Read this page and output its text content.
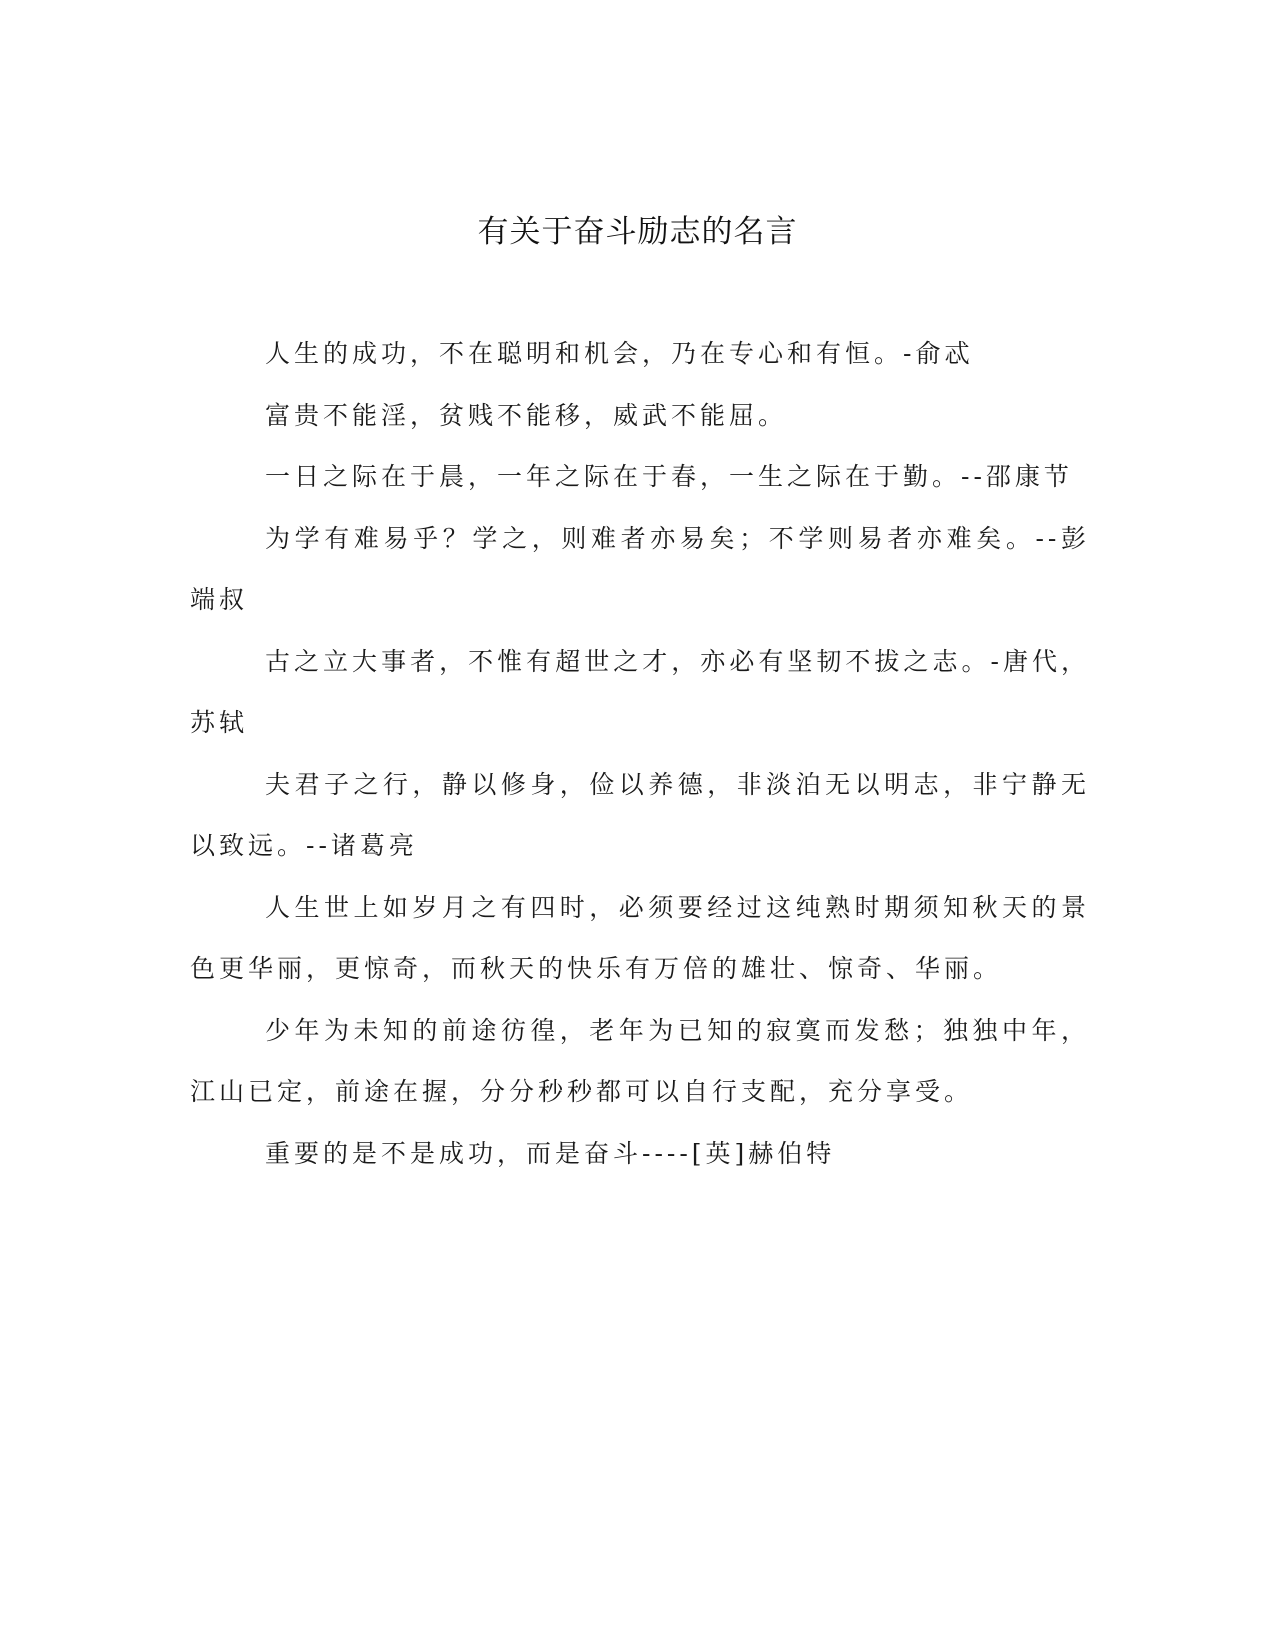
有关于奋斗励志的名言

人生的成功，不在聪明和机会，乃在专心和有恒。-俞忒

富贵不能淫，贫贱不能移，威武不能屈。

一日之际在于晨，一年之际在于春，一生之际在于勤。--邵康节

为学有难易乎？学之，则难者亦易矣；不学则易者亦难矣。--彭端叔

古之立大事者，不惟有超世之才，亦必有坚韧不拔之志。-唐代，苏轼

夫君子之行，静以修身，俭以养德，非淡泊无以明志，非宁静无以致远。--诸葛亮

人生世上如岁月之有四时，必须要经过这纯熟时期须知秋天的景色更华丽，更惊奇，而秋天的快乐有万倍的雄壮、惊奇、华丽。

少年为未知的前途彷徨，老年为已知的寂寞而发愁；独独中年，江山已定，前途在握，分分秒秒都可以自行支配，充分享受。

重要的是不是成功，而是奋斗----[英]赫伯特
